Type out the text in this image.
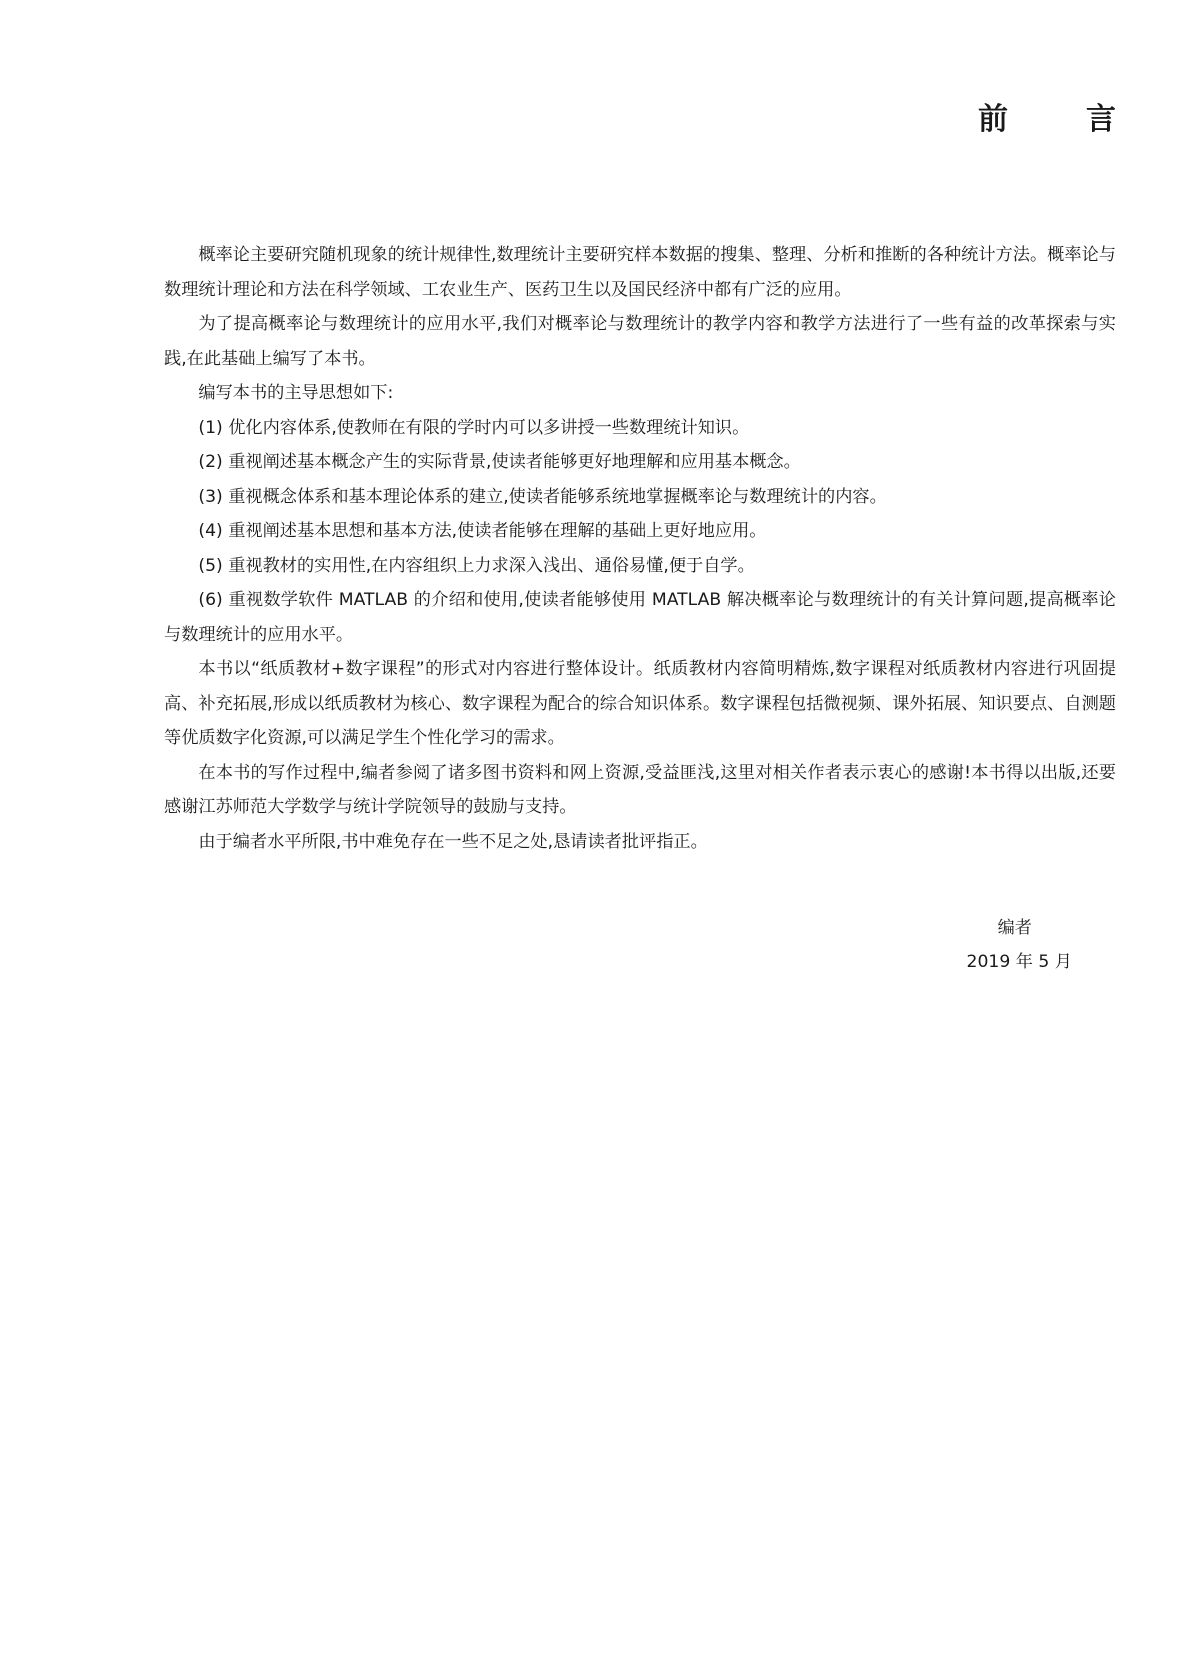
前　言

概率论主要研究随机现象的统计规律性,数理统计主要研究样本数据的搜集、整理、分析和推断的各种统计方法。概率论与数理统计理论和方法在科学领域、工农业生产、医药卫生以及国民经济中都有广泛的应用。

为了提高概率论与数理统计的应用水平,我们对概率论与数理统计的教学内容和教学方法进行了一些有益的改革探索与实践,在此基础上编写了本书。

编写本书的主导思想如下:

(1) 优化内容体系,使教师在有限的学时内可以多讲授一些数理统计知识。

(2) 重视阐述基本概念产生的实际背景,使读者能够更好地理解和应用基本概念。

(3) 重视概念体系和基本理论体系的建立,使读者能够系统地掌握概率论与数理统计的内容。

(4) 重视阐述基本思想和基本方法,使读者能够在理解的基础上更好地应用。

(5) 重视教材的实用性,在内容组织上力求深入浅出、通俗易懂,便于自学。

(6) 重视数学软件 MATLAB 的介绍和使用,使读者能够使用 MATLAB 解决概率论与数理统计的有关计算问题,提高概率论与数理统计的应用水平。

本书以“纸质教材+数字课程”的形式对内容进行整体设计。纸质教材内容简明精炼,数字课程对纸质教材内容进行巩固提高、补充拓展,形成以纸质教材为核心、数字课程为配合的综合知识体系。数字课程包括微视频、课外拓展、知识要点、自测题等优质数字化资源,可以满足学生个性化学习的需求。

在本书的写作过程中,编者参阅了诸多图书资料和网上资源,受益匪浅,这里对相关作者表示衷心的感谢!本书得以出版,还要感谢江苏师范大学数学与统计学院领导的鼓励与支持。

由于编者水平所限,书中难免存在一些不足之处,恳请读者批评指正。

编者
2019 年 5 月
